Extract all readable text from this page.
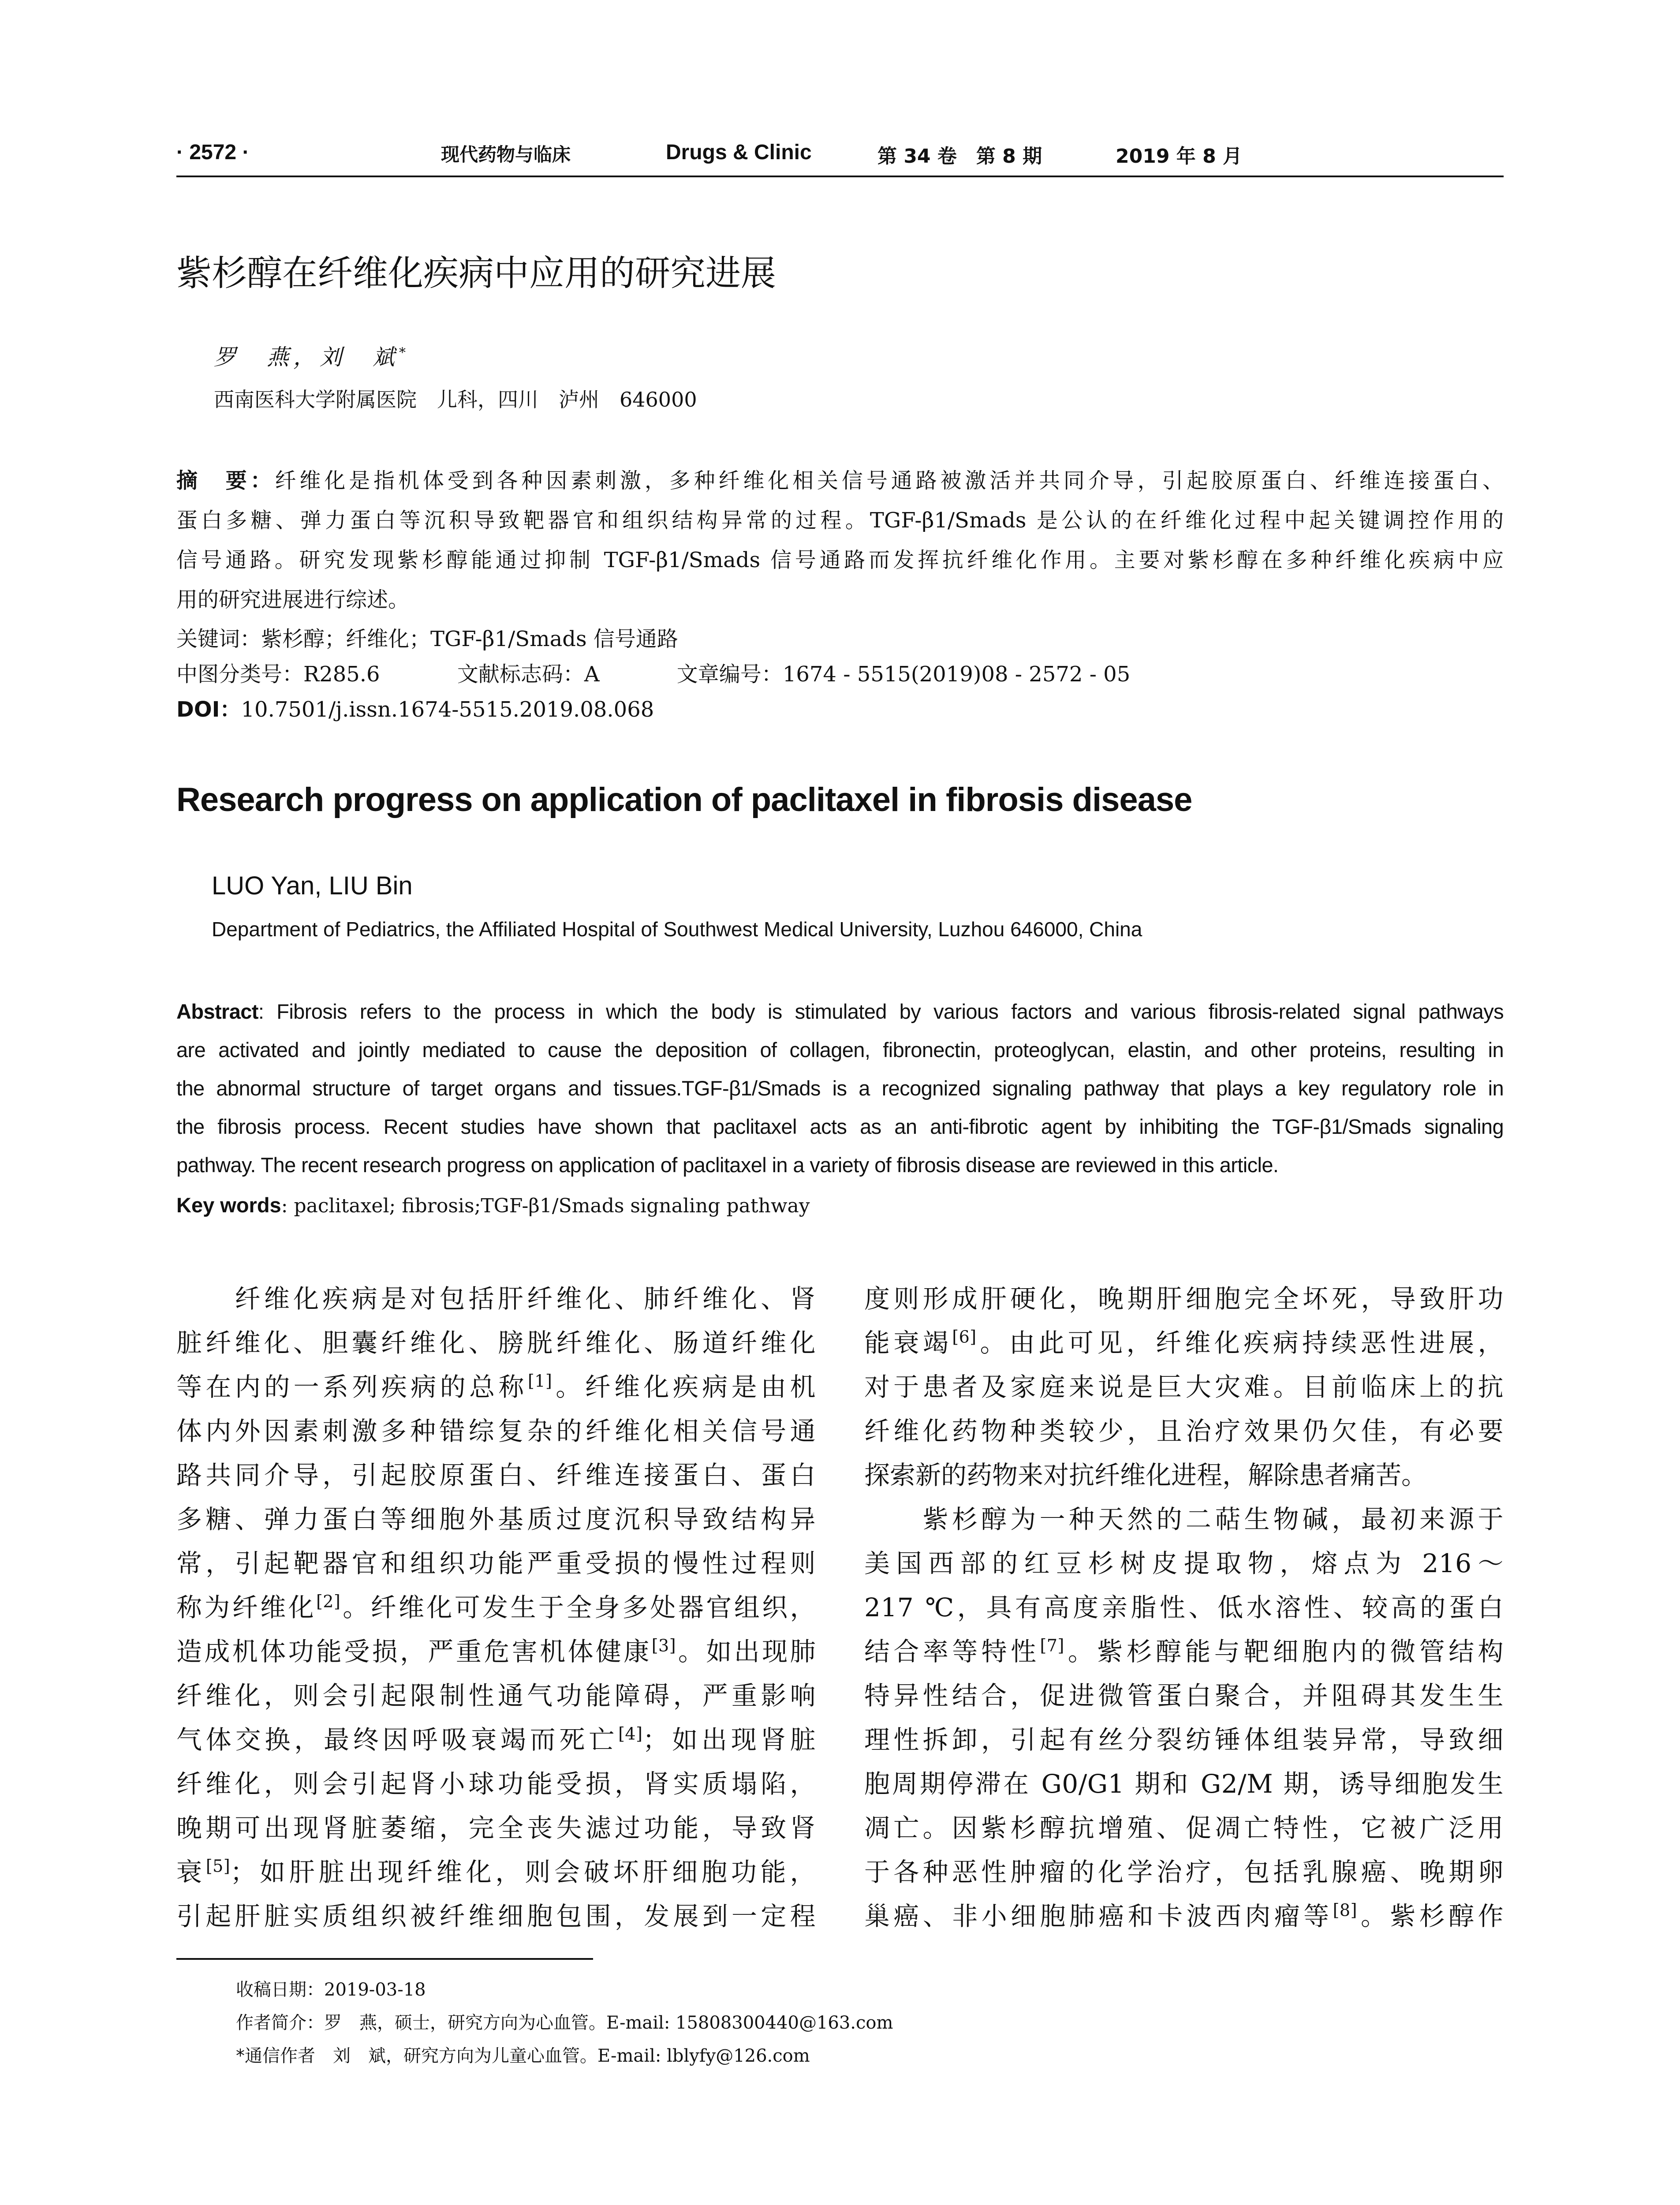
· 2572 ·	现代药物与临床	Drugs & Clinic	第 34 卷　第 8 期	2019 年 8 月
紫杉醇在纤维化疾病中应用的研究进展
罗　燕，刘　斌*
西南医科大学附属医院　儿科，四川　泸州　646000
摘　要：纤维化是指机体受到各种因素刺激，多种纤维化相关信号通路被激活并共同介导，引起胶原蛋白、纤维连接蛋白、
蛋白多糖、弹力蛋白等沉积导致靶器官和组织结构异常的过程。TGF-β1/Smads 是公认的在纤维化过程中起关键调控作用的
信号通路。研究发现紫杉醇能通过抑制 TGF-β1/Smads 信号通路而发挥抗纤维化作用。主要对紫杉醇在多种纤维化疾病中应
用的研究进展进行综述。
关键词：紫杉醇；纤维化；TGF-β1/Smads 信号通路
中图分类号：R285.6	文献标志码：A	文章编号：1674 - 5515(2019)08 - 2572 - 05
DOI：10.7501/j.issn.1674-5515.2019.08.068
Research progress on application of paclitaxel in fibrosis disease
LUO Yan, LIU Bin
Department of Pediatrics, the Affiliated Hospital of Southwest Medical University, Luzhou 646000, China
Abstract: Fibrosis refers to the process in which the body is stimulated by various factors and various fibrosis-related signal pathways
are activated and jointly mediated to cause the deposition of collagen, fibronectin, proteoglycan, elastin, and other proteins, resulting in
the abnormal structure of target organs and tissues.TGF-β1/Smads is a recognized signaling pathway that plays a key regulatory role in
the fibrosis process. Recent studies have shown that paclitaxel acts as an anti-fibrotic agent by inhibiting the TGF-β1/Smads signaling
pathway. The recent research progress on application of paclitaxel in a variety of fibrosis disease are reviewed in this article.
Key words: paclitaxel; fibrosis;TGF-β1/Smads signaling pathway
　　纤维化疾病是对包括肝纤维化、肺纤维化、肾
脏纤维化、胆囊纤维化、膀胱纤维化、肠道纤维化
等在内的一系列疾病的总称[1]。纤维化疾病是由机
体内外因素刺激多种错综复杂的纤维化相关信号通
路共同介导，引起胶原蛋白、纤维连接蛋白、蛋白
多糖、弹力蛋白等细胞外基质过度沉积导致结构异
常，引起靶器官和组织功能严重受损的慢性过程则
称为纤维化[2]。纤维化可发生于全身多处器官组织，
造成机体功能受损，严重危害机体健康[3]。如出现肺
纤维化，则会引起限制性通气功能障碍，严重影响
气体交换，最终因呼吸衰竭而死亡[4]；如出现肾脏
纤维化，则会引起肾小球功能受损，肾实质塌陷，
晚期可出现肾脏萎缩，完全丧失滤过功能，导致肾
衰[5]；如肝脏出现纤维化，则会破坏肝细胞功能，
引起肝脏实质组织被纤维细胞包围，发展到一定程
度则形成肝硬化，晚期肝细胞完全坏死，导致肝功
能衰竭[6]。由此可见，纤维化疾病持续恶性进展，
对于患者及家庭来说是巨大灾难。目前临床上的抗
纤维化药物种类较少，且治疗效果仍欠佳，有必要
探索新的药物来对抗纤维化进程，解除患者痛苦。
　　紫杉醇为一种天然的二萜生物碱，最初来源于
美国西部的红豆杉树皮提取物，熔点为 216～
217 ℃，具有高度亲脂性、低水溶性、较高的蛋白
结合率等特性[7]。紫杉醇能与靶细胞内的微管结构
特异性结合，促进微管蛋白聚合，并阻碍其发生生
理性拆卸，引起有丝分裂纺锤体组装异常，导致细
胞周期停滞在 G0/G1 期和 G2/M 期，诱导细胞发生
凋亡。因紫杉醇抗增殖、促凋亡特性，它被广泛用
于各种恶性肿瘤的化学治疗，包括乳腺癌、晚期卵
巢癌、非小细胞肺癌和卡波西肉瘤等[8]。紫杉醇作
收稿日期：2019-03-18
作者简介：罗　燕，硕士，研究方向为心血管。E-mail: 15808300440@163.com
*通信作者　刘　斌，研究方向为儿童心血管。E-mail: lblyfy@126.com
